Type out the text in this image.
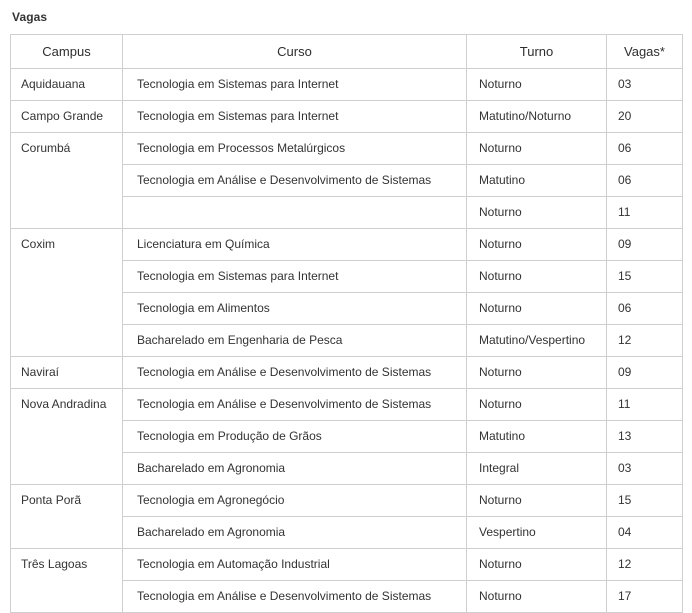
Vagas
Campus	Curso	Turno	Vagas*
Aquidauana	Tecnologia em Sistemas para Internet	Noturno	03
Campo Grande	Tecnologia em Sistemas para Internet	Matutino/Noturno	20
Corumbá	Tecnologia em Processos Metalúrgicos	Noturno	06
	Tecnologia em Análise e Desenvolvimento de Sistemas	Matutino	06
		Noturno	11
Coxim	Licenciatura em Química	Noturno	09
	Tecnologia em Sistemas para Internet	Noturno	15
	Tecnologia em Alimentos	Noturno	06
	Bacharelado em Engenharia de Pesca	Matutino/Vespertino	12
Naviraí	Tecnologia em Análise e Desenvolvimento de Sistemas	Noturno	09
Nova Andradina	Tecnologia em Análise e Desenvolvimento de Sistemas	Noturno	11
	Tecnologia em Produção de Grãos	Matutino	13
	Bacharelado em Agronomia	Integral	03
Ponta Porã	Tecnologia em Agronegócio	Noturno	15
	Bacharelado em Agronomia	Vespertino	04
Três Lagoas	Tecnologia em Automação Industrial	Noturno	12
	Tecnologia em Análise e Desenvolvimento de Sistemas	Noturno	17
